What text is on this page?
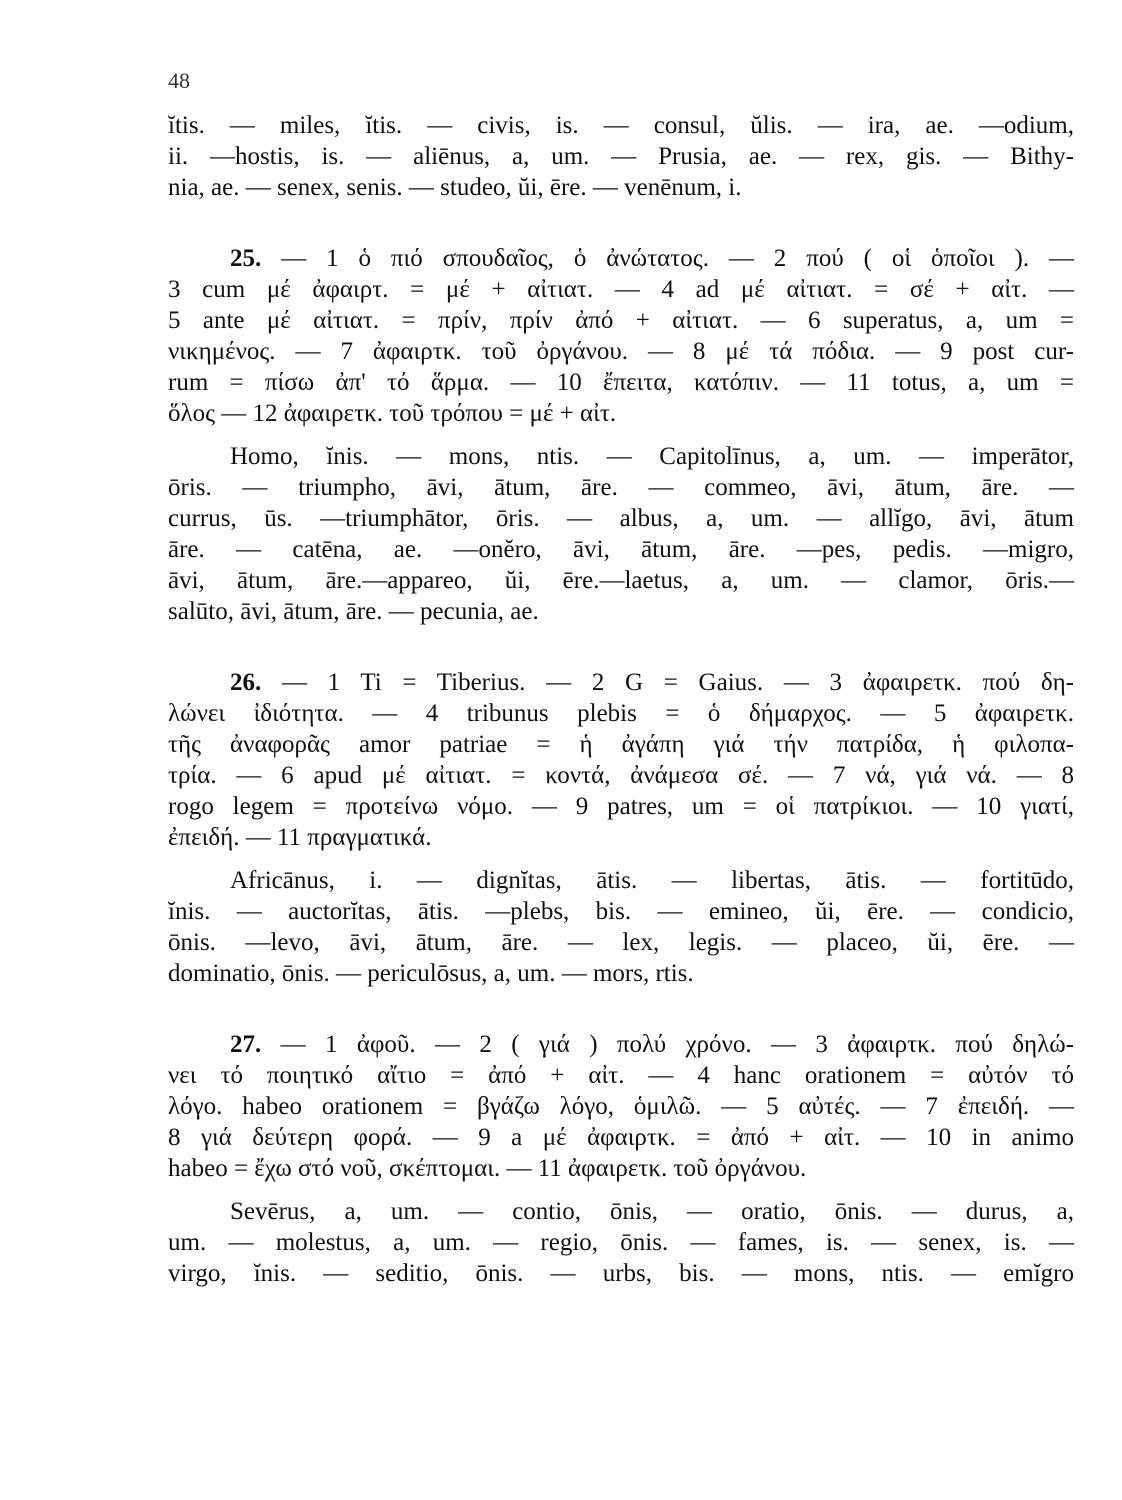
48
ĭtis. — miles, ĭtis. — civis, is. — consul, ŭlis. — ira, ae. —odium,
ii. —hostis, is. — aliēnus, a, um. — Prusia, ae. — rex, gis. — Bithy-
nia, ae. — senex, senis. — studeo, ŭi, ēre. — venēnum, i.
25. — 1 ὁ πιό σπουδαῖος, ὁ ἀνώτατος. — 2 πού ( οἱ ὁποῖοι ). —
3 cum μέ ἀφαιρτ. = μέ + αἰτιατ. — 4 ad μέ αἰτιατ. = σέ + αἰτ. —
5 ante μέ αἰτιατ. = πρίν, πρίν ἀπό + αἰτιατ. — 6 superatus, a, um =
νικημένος. — 7 ἀφαιρτκ. τοῦ ὀργάνου. — 8 μέ τά πόδια. — 9 post cur-
rum = πίσω ἀπ' τό ἅρμα. — 10 ἔπειτα, κατόπιν. — 11 totus, a, um =
ὅλος — 12 ἀφαιρετκ. τοῦ τρόπου = μέ + αἰτ.
Homo, ĭnis. — mons, ntis. — Capitolīnus, a, um. — imperātor,
ōris. — triumpho, āvi, ātum, āre. — commeo, āvi, ātum, āre. —
currus, ūs. —triumphātor, ōris. — albus, a, um. — allĭgo, āvi, ātum
āre. — catēna, ae. —onĕro, āvi, ātum, āre. —pes, pedis. —migro,
āvi, ātum, āre.—appareo, ŭi, ēre.—laetus, a, um. — clamor, ōris.—
salūto, āvi, ātum, āre. — pecunia, ae.
26. — 1 Ti = Tiberius. — 2 G = Gaius. — 3 ἀφαιρετκ. πού δη-
λώνει ἰδιότητα. — 4 tribunus plebis = ὁ δήμαρχος. — 5 ἀφαιρετκ.
τῆς ἀναφορᾶς amor patriae = ἡ ἀγάπη γιά τήν πατρίδα, ἡ φιλοπα-
τρία. — 6 apud μέ αἰτιατ. = κοντά, ἀνάμεσα σέ. — 7 νά, γιά νά. — 8
rogo legem = προτείνω νόμο. — 9 patres, um = οἱ πατρίκιοι. — 10 γιατί,
ἐπειδή. — 11 πραγματικά.
Africānus, i. — dignĭtas, ātis. — libertas, ātis. — fortitūdo,
ĭnis. — auctorĭtas, ātis. —plebs, bis. — emineo, ŭi, ēre. — condicio,
ōnis. —levo, āvi, ātum, āre. — lex, legis. — placeo, ŭi, ēre. —
dominatio, ōnis. — periculōsus, a, um. — mors, rtis.
27. — 1 ἀφοῦ. — 2 ( γιά ) πολύ χρόνο. — 3 ἀφαιρτκ. πού δηλώ-
νει τό ποιητικό αἴτιο = ἀπό + αἰτ. — 4 hanc orationem = αὐτόν τό
λόγο. habeo orationem = βγάζω λόγο, ὁμιλῶ. — 5 αὐτές. — 7 ἐπειδή. —
8 γιά δεύτερη φορά. — 9 a μέ ἀφαιρτκ. = ἀπό + αἰτ. — 10 in animo
habeo = ἔχω στό νοῦ, σκέπτομαι. — 11 ἀφαιρετκ. τοῦ ὀργάνου.
Sevērus, a, um. — contio, ōnis, — oratio, ōnis. — durus, a,
um. — molestus, a, um. — regio, ōnis. — fames, is. — senex, is. —
virgo, ĭnis. — seditio, ōnis. — urbs, bis. — mons, ntis. — emĭgro
